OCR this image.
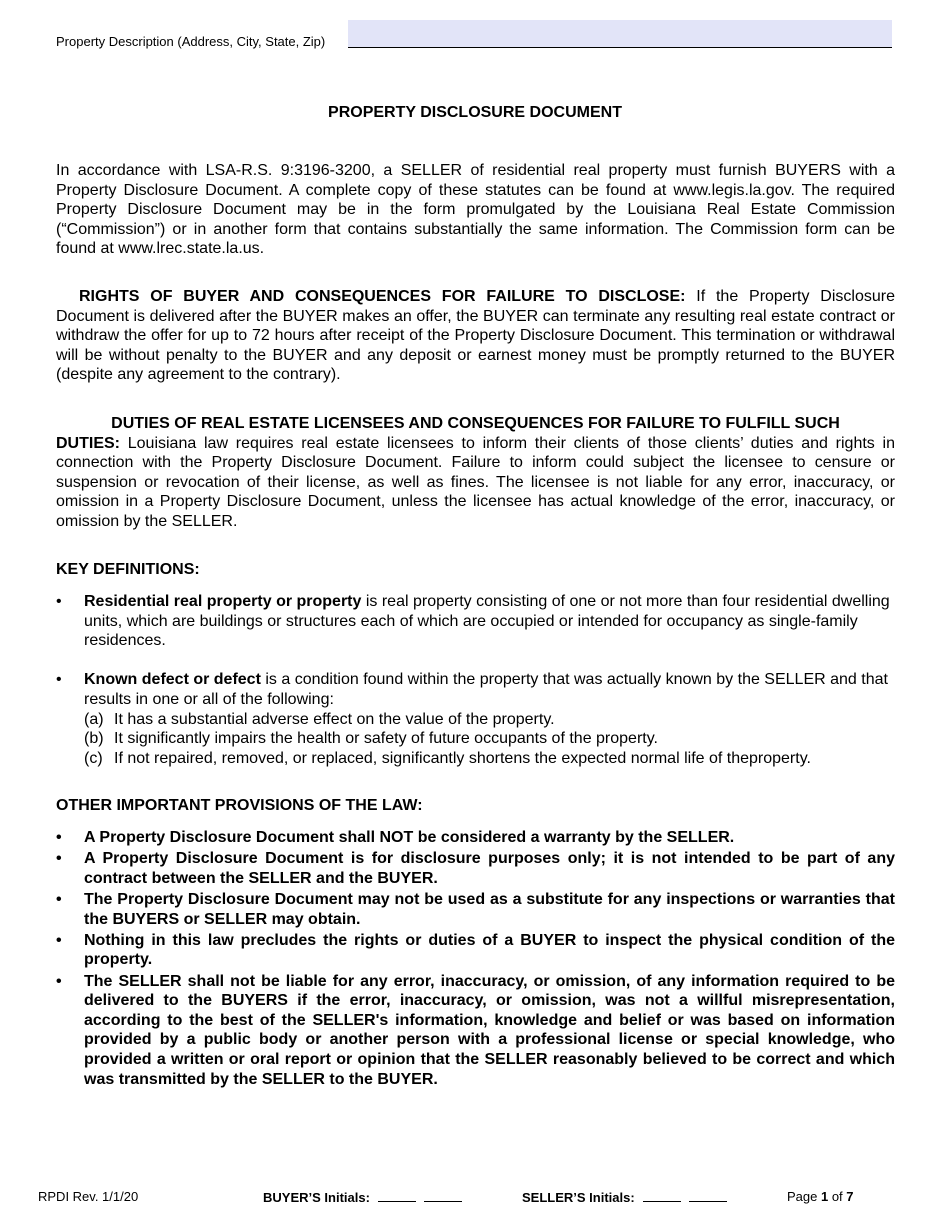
Property Description (Address, City, State, Zip)
PROPERTY DISCLOSURE DOCUMENT

In accordance with LSA-R.S. 9:3196-3200, a SELLER of residential real property must furnish BUYERS with a Property Disclosure Document. A complete copy of these statutes can be found at www.legis.la.gov. The required Property Disclosure Document may be in the form promulgated by the Louisiana Real Estate Commission (“Commission”) or in another form that contains substantially the same information. The Commission form can be found at www.lrec.state.la.us.

RIGHTS OF BUYER AND CONSEQUENCES FOR FAILURE TO DISCLOSE: If the Property Disclosure Document is delivered after the BUYER makes an offer, the BUYER can terminate any resulting real estate contract or withdraw the offer for up to 72 hours after receipt of the Property Disclosure Document. This termination or withdrawal will be without penalty to the BUYER and any deposit or earnest money must be promptly returned to the BUYER (despite any agreement to the contrary).

DUTIES OF REAL ESTATE LICENSEES AND CONSEQUENCES FOR FAILURE TO FULFILL SUCH
DUTIES: Louisiana law requires real estate licensees to inform their clients of those clients’ duties and rights in connection with the Property Disclosure Document. Failure to inform could subject the licensee to censure or suspension or revocation of their license, as well as fines. The licensee is not liable for any error, inaccuracy, or omission in a Property Disclosure Document, unless the licensee has actual knowledge of the error, inaccuracy, or omission by the SELLER.
KEY DEFINITIONS:
•	Residential real property or property is real property consisting of one or not more than four residential dwelling units, which are buildings or structures each of which are occupied or intended for occupancy as single-family residences.
•	Known defect or defect is a condition found within the property that was actually known by the SELLER and that results in one or all of the following:
(a) It has a substantial adverse effect on the value of the property.
(b) It significantly impairs the health or safety of future occupants of the property.
(c) If not repaired, removed, or replaced, significantly shortens the expected normal life of theproperty.
OTHER IMPORTANT PROVISIONS OF THE LAW:
•	A Property Disclosure Document shall NOT be considered a warranty by the SELLER.
•	A Property Disclosure Document is for disclosure purposes only; it is not intended to be part of any contract between the SELLER and the BUYER.
•	The Property Disclosure Document may not be used as a substitute for any inspections or warranties that the BUYERS or SELLER may obtain.
•	Nothing in this law precludes the rights or duties of a BUYER to inspect the physical condition of the property.
•	The SELLER shall not be liable for any error, inaccuracy, or omission, of any information required to be delivered to the BUYERS if the error, inaccuracy, or omission, was not a willful misrepresentation, according to the best of the SELLER's information, knowledge and belief or was based on information provided by a public body or another person with a professional license or special knowledge, who provided a written or oral report or opinion that the SELLER reasonably believed to be correct and which was transmitted by the SELLER to the BUYER.
RPDI Rev. 1/1/20	BUYER’S Initials:	SELLER’S Initials:	Page 1 of 7
